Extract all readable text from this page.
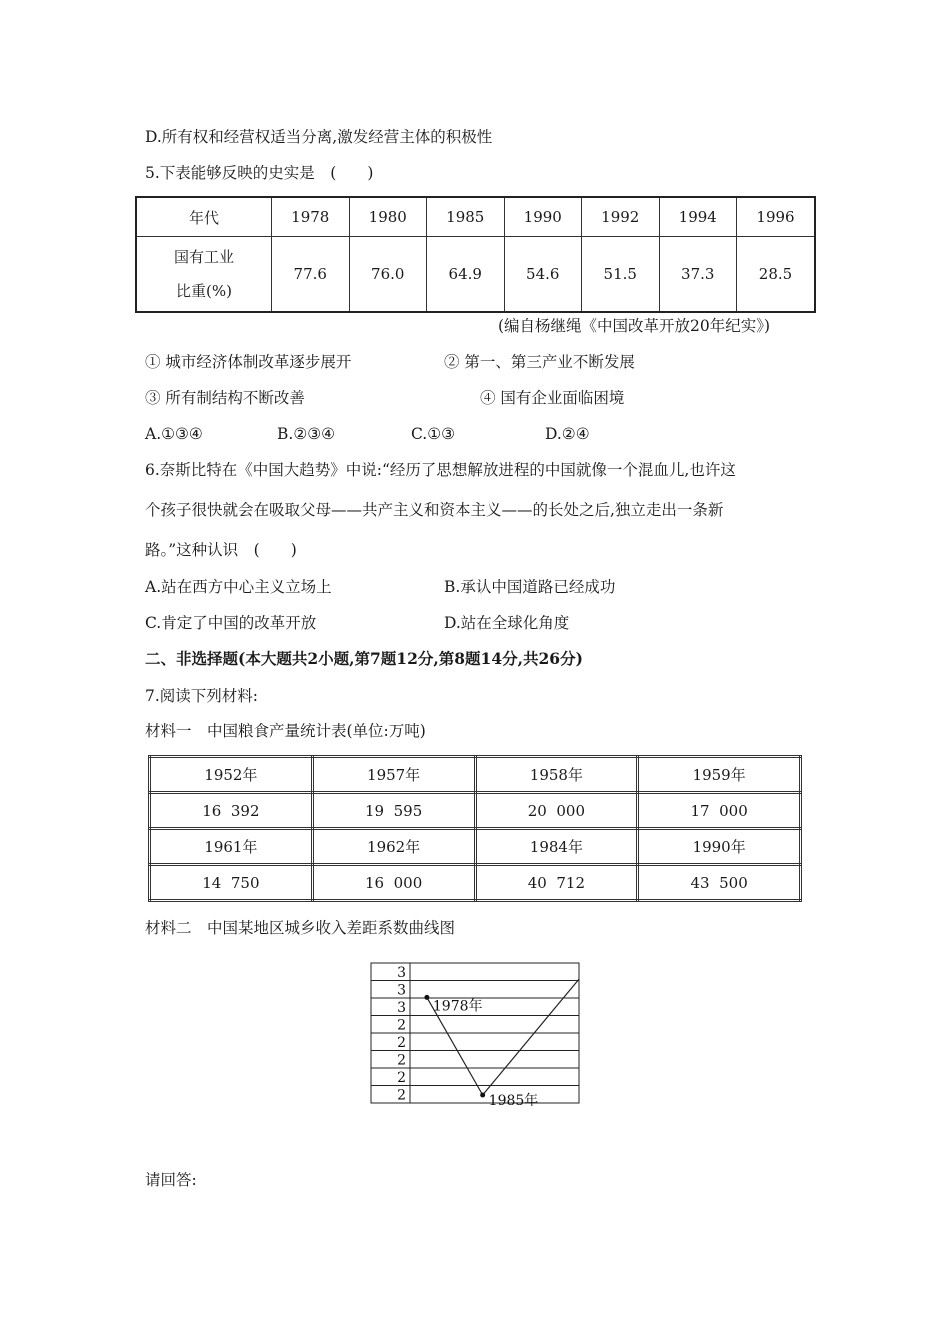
D.所有权和经营权适当分离,激发经营主体的积极性
5.下表能够反映的史实是　(　　)
年代	1978	1980	1985	1990	1992	1994	1996

国有工业
比重(%)	77.6	76.0	64.9	54.6	51.5	37.3	28.5
(编自杨继绳《中国改革开放20年纪实》)
① 城市经济体制改革逐步展开	② 第一、第三产业不断发展
③ 所有制结构不断改善	④ 国有企业面临困境
A.①③④	B.②③④	C.①③	D.②④
6.奈斯比特在《中国大趋势》中说:“经历了思想解放进程的中国就像一个混血儿,也许这
个孩子很快就会在吸取父母——共产主义和资本主义——的长处之后,独立走出一条新
路。”这种认识　(　　)
A.站在西方中心主义立场上	B.承认中国道路已经成功
C.肯定了中国的改革开放	D.站在全球化角度
二、非选择题(本大题共2小题,第7题12分,第8题14分,共26分)
7.阅读下列材料:
材料一　中国粮食产量统计表(单位:万吨)
1952年	1957年	1958年	1959年
16  392	19  595	20  000	17  000
1961年	1962年	1984年	1990年
14  750	16  000	40  712	43  500
材料二　中国某地区城乡收入差距系数曲线图
3
3
3
2
2
2
2
2
1978年
1985年
请回答:
